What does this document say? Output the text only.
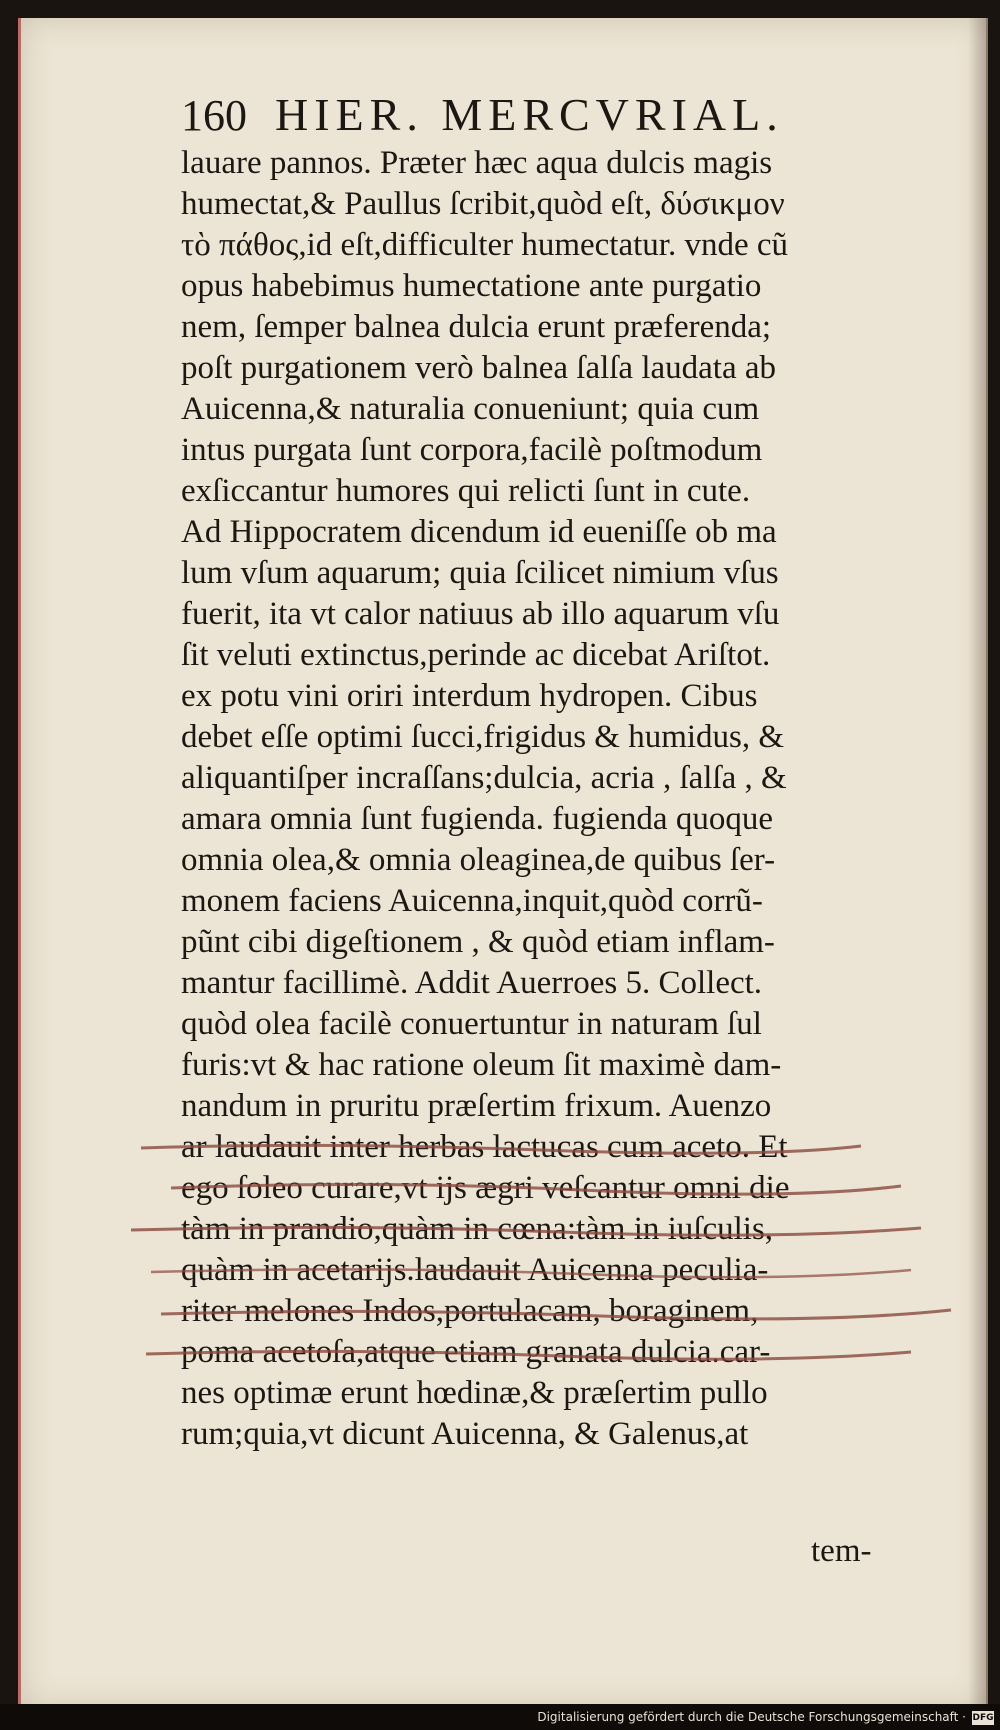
160 HIER. MERCVRIAL.
lauare pannos. Præter hæc aqua dulcis magis
humectat,& Paullus ſcribit,quòd eſt, δύσικμον
τὸ πάθος,id eſt,difficulter humectatur. vnde cũ
opus habebimus humectatione ante purgatio
nem, ſemper balnea dulcia erunt præferenda;
poſt purgationem verò balnea ſalſa laudata ab
Auicenna,& naturalia conueniunt; quia cum
intus purgata ſunt corpora,facilè poſtmodum
exſiccantur humores qui relicti ſunt in cute.
Ad Hippocratem dicendum id eueniſſe ob ma
lum vſum aquarum; quia ſcilicet nimium vſus
fuerit, ita vt calor natiuus ab illo aquarum vſu
ſit veluti extinctus,perinde ac dicebat Ariſtot.
ex potu vini oriri interdum hydropen. Cibus
debet eſſe optimi ſucci,frigidus & humidus, &
aliquantiſper incraſſans;dulcia, acria , ſalſa , &
amara omnia ſunt fugienda. fugienda quoque
omnia olea,& omnia oleaginea,de quibus ſer-
monem faciens Auicenna,inquit,quòd corrũ-
pũnt cibi digeſtionem , & quòd etiam inflam-
mantur facillimè. Addit Auerroes 5. Collect.
quòd olea facilè conuertuntur in naturam ſul
furis:vt & hac ratione oleum ſit maximè dam-
nandum in pruritu præſertim frixum. Auenzo
ar laudauit inter herbas lactucas cum aceto. Et
ego ſoleo curare,vt ijs ægri veſcantur omni die
tàm in prandio,quàm in cœna:tàm in iuſculis,
quàm in acetarijs.laudauit Auicenna peculia-
riter melones Indos,portulacam, boraginem,
poma acetoſa,atque etiam granata dulcia.car-
nes optimæ erunt hœdinæ,& præſertim pullo
rum;quia,vt dicunt Auicenna, & Galenus,at
tem-
Digitalisierung gefördert durch die Deutsche Forschungsgemeinschaft · DFG
